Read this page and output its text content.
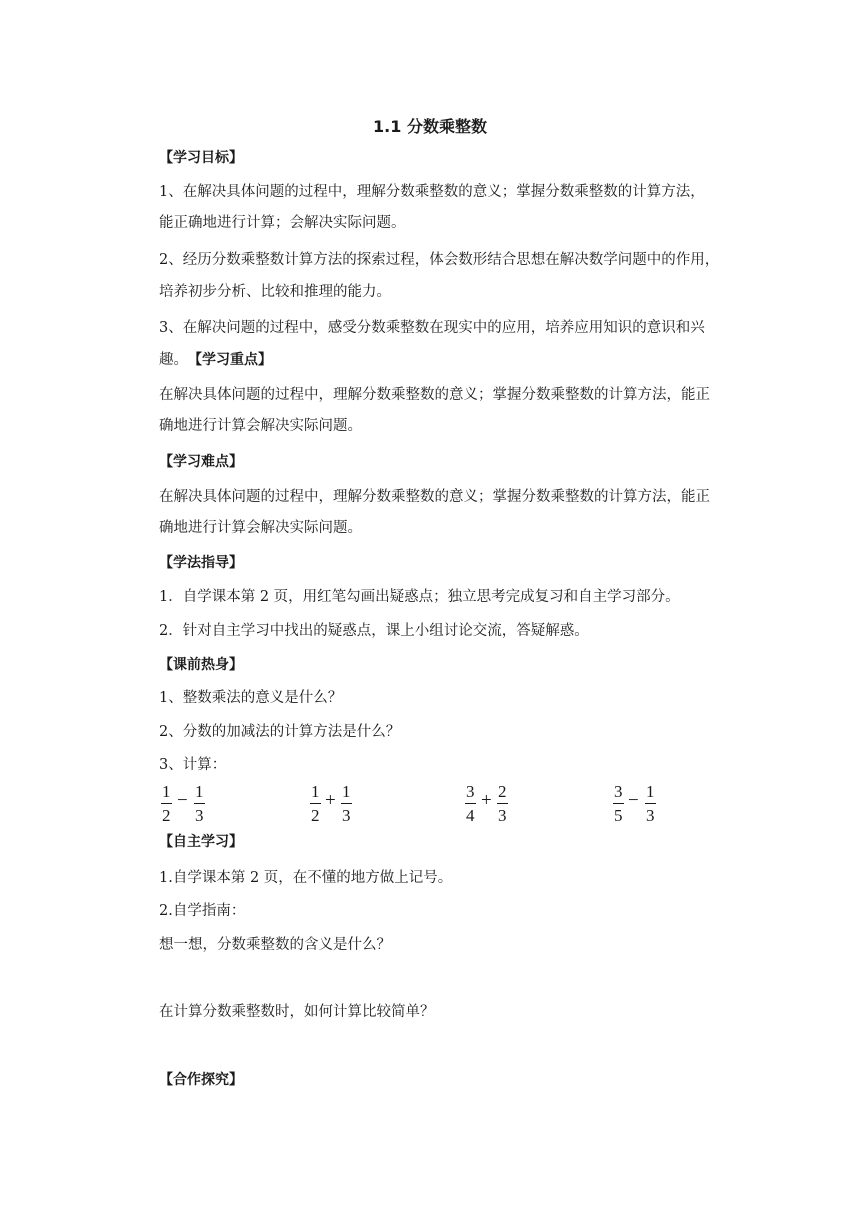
1.1 分数乘整数
【学习目标】
1、在解决具体问题的过程中，理解分数乘整数的意义；掌握分数乘整数的计算方法，
能正确地进行计算；会解决实际问题。
2、经历分数乘整数计算方法的探索过程，体会数形结合思想在解决数学问题中的作用，
培养初步分析、比较和推理的能力。
3、在解决问题的过程中，感受分数乘整数在现实中的应用，培养应用知识的意识和兴
趣。 【学习重点】
在解决具体问题的过程中，理解分数乘整数的意义；掌握分数乘整数的计算方法，能正
确地进行计算会解决实际问题。
【学习难点】
在解决具体问题的过程中，理解分数乘整数的意义；掌握分数乘整数的计算方法，能正
确地进行计算会解决实际问题。
【学法指导】
1．自学课本第 2 页，用红笔勾画出疑惑点；独立思考完成复习和自主学习部分。
2．针对自主学习中找出的疑惑点，课上小组讨论交流，答疑解惑。
【课前热身】
1、整数乘法的意义是什么？
2、分数的加减法的计算方法是什么？
3、计算：
$\frac{1}{2} - \frac{1}{3}$	$\frac{1}{2} + \frac{1}{3}$	$\frac{3}{4} + \frac{2}{3}$	$\frac{3}{5} - \frac{1}{3}$
【自主学习】
1.自学课本第 2 页，在不懂的地方做上记号。
2.自学指南：
想一想，分数乘整数的含义是什么？
在计算分数乘整数时，如何计算比较简单？
【合作探究】
